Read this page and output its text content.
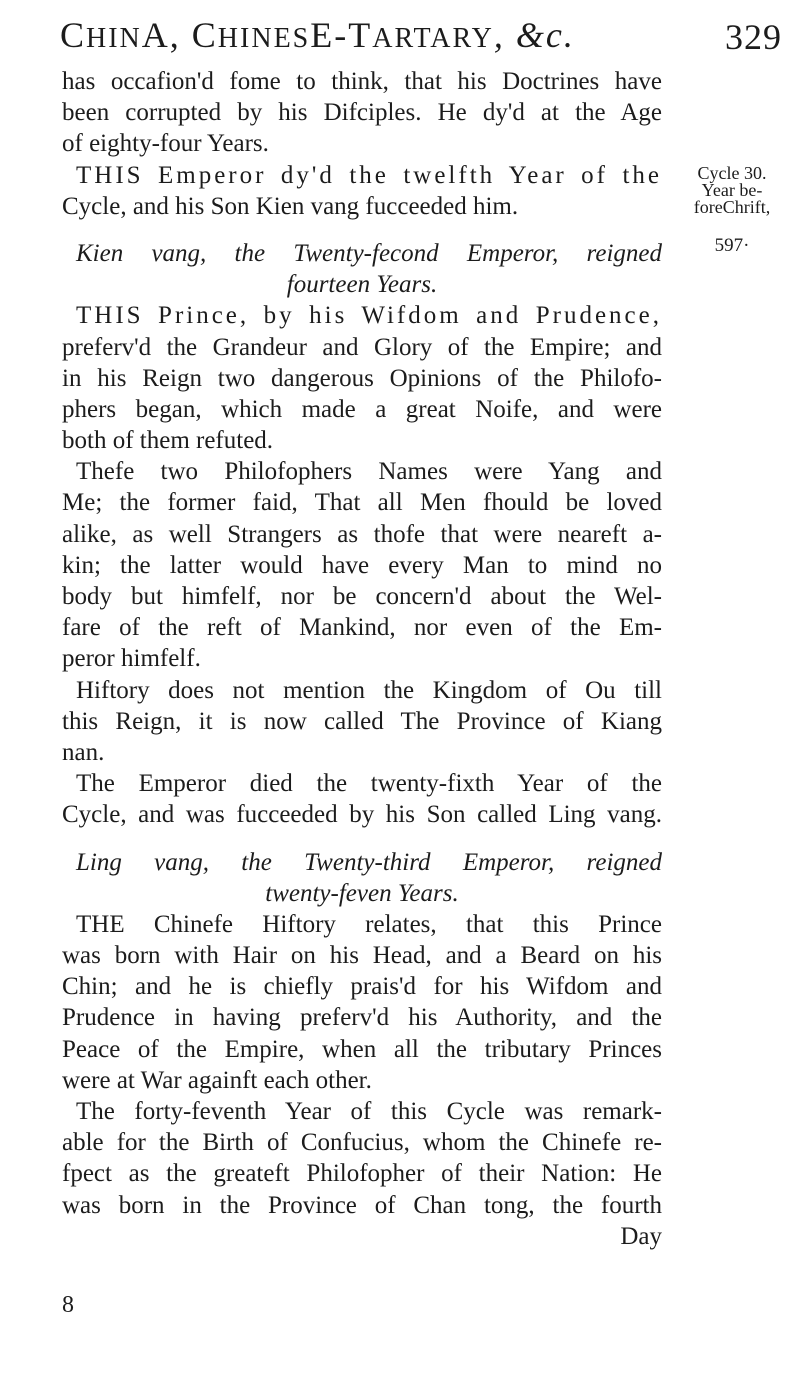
CHINA, CHINESE-TARTARY, &c.	329
Cycle 30.
Year be-
foreChrift,
597·
has occafion'd fome to think, that his Doctrines have
been corrupted by his Difciples. He dy'd at the Age
of eighty-four Years.
THIS Emperor dy'd the twelfth Year of the
Cycle, and his Son Kien vang fucceeded him.
Kien vang, the Twenty-fecond Emperor, reigned
fourteen Years.
THIS Prince, by his Wifdom and Prudence,
preferv'd the Grandeur and Glory of the Empire; and
in his Reign two dangerous Opinions of the Philofo-
phers began, which made a great Noife, and were
both of them refuted.
Thefe two Philofophers Names were Yang and
Me; the former faid, That all Men fhould be loved
alike, as well Strangers as thofe that were neareft a-
kin; the latter would have every Man to mind no
body but himfelf, nor be concern'd about the Wel-
fare of the reft of Mankind, nor even of the Em-
peror himfelf.
Hiftory does not mention the Kingdom of Ou till
this Reign, it is now called The Province of Kiang
nan.
The Emperor died the twenty-fixth Year of the
Cycle, and was fucceeded by his Son called Ling vang.
Ling vang, the Twenty-third Emperor, reigned
twenty-feven Years.
THE Chinefe Hiftory relates, that this Prince
was born with Hair on his Head, and a Beard on his
Chin; and he is chiefly prais'd for his Wifdom and
Prudence in having preferv'd his Authority, and the
Peace of the Empire, when all the tributary Princes
were at War againft each other.
The forty-feventh Year of this Cycle was remark-
able for the Birth of Confucius, whom the Chinefe re-
fpect as the greateft Philofopher of their Nation: He
was born in the Province of Chan tong, the fourth
Day
8
